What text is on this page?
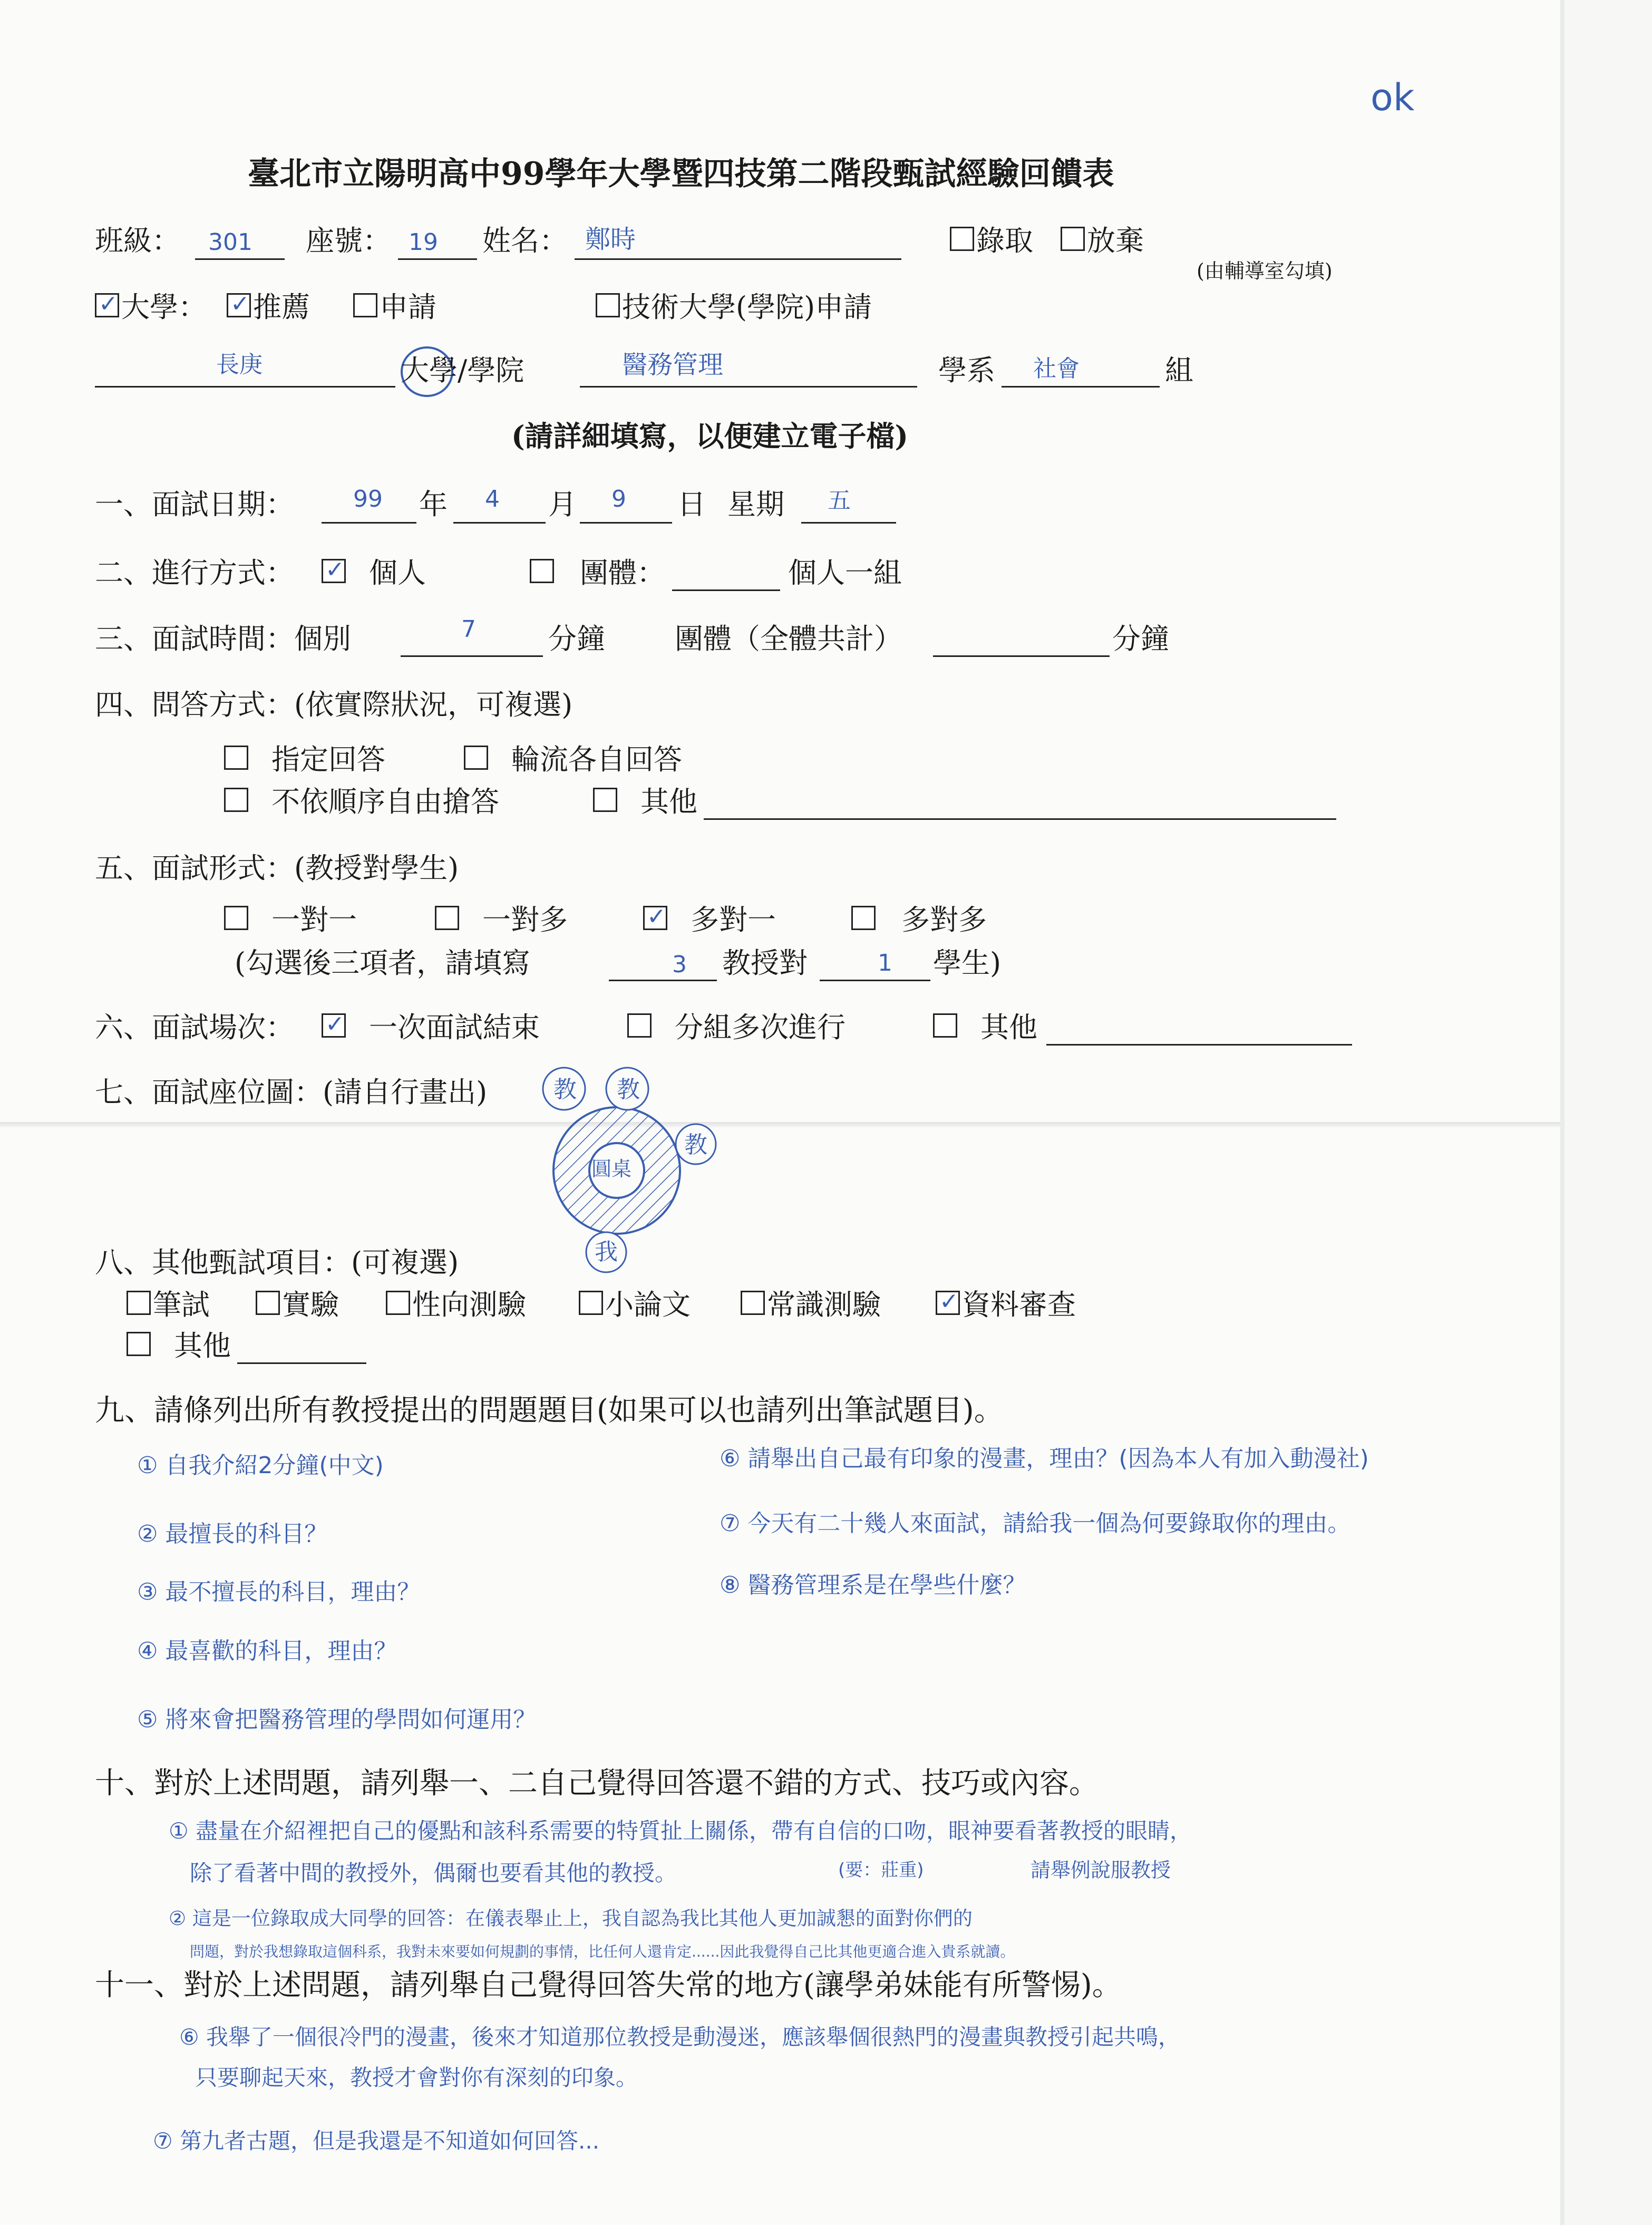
ok
臺北市立陽明高中99學年大學暨四技第二階段甄試經驗回饋表
班級： 301 座號： 19 姓名： 鄭時	錄取 放棄
(由輔導室勾填)
✓ 大學： ✓ 推薦 申請	技術大學(學院)申請
長庚	大學/學院	醫務管理	學系 社會	組
(請詳細填寫，以便建立電子檔)
一、面試日期：	99 年 4 月 9 日 星期 五
二、進行方式： ✓ 個人	團體：	個人一組
三、面試時間：個別	7	分鐘 團體（全體共計）	分鐘
四、問答方式：(依實際狀況，可複選)
指定回答	輪流各自回答
不依順序自由搶答	其他
五、面試形式：(教授對學生)
一對一	一對多	✓ 多對一	多對多
(勾選後三項者，請填寫	3 教授對	1 學生)
六、面試場次： ✓ 一次面試結束	分組多次進行	其他
七、面試座位圖：(請自行畫出)	教 教
教
圓桌
我
八、其他甄試項目：(可複選)
筆試	實驗	性向測驗	小論文	常識測驗	✓ 資料審查
其他
九、請條列出所有教授提出的問題題目(如果可以也請列出筆試題目)。
① 自我介紹2分鐘(中文)
② 最擅長的科目？
③ 最不擅長的科目，理由？
④ 最喜歡的科目，理由？
⑤ 將來會把醫務管理的學問如何運用？
⑥ 請舉出自己最有印象的漫畫，理由？(因為本人有加入動漫社)
⑦ 今天有二十幾人來面試，請給我一個為何要錄取你的理由。
⑧ 醫務管理系是在學些什麼？
十、對於上述問題，請列舉一、二自己覺得回答還不錯的方式、技巧或內容。
① 盡量在介紹裡把自己的優點和該科系需要的特質扯上關係，帶有自信的口吻，眼神要看著教授的眼睛，
除了看著中間的教授外，偶爾也要看其他的教授。	(要：莊重)	請舉例說服教授
② 這是一位錄取成大同學的回答：在儀表舉止上，我自認為我比其他人更加誠懇的面對你們的
問題，對於我想錄取這個科系，我對未來要如何規劃的事情，比任何人還肯定......因此我覺得自己比其他更適合進入貴系就讀。
十一、對於上述問題，請列舉自己覺得回答失常的地方(讓學弟妹能有所警惕)。
⑥ 我舉了一個很冷門的漫畫，後來才知道那位教授是動漫迷，應該舉個很熱門的漫畫與教授引起共鳴，
只要聊起天來，教授才會對你有深刻的印象。
⑦ 第九者古題，但是我還是不知道如何回答...
